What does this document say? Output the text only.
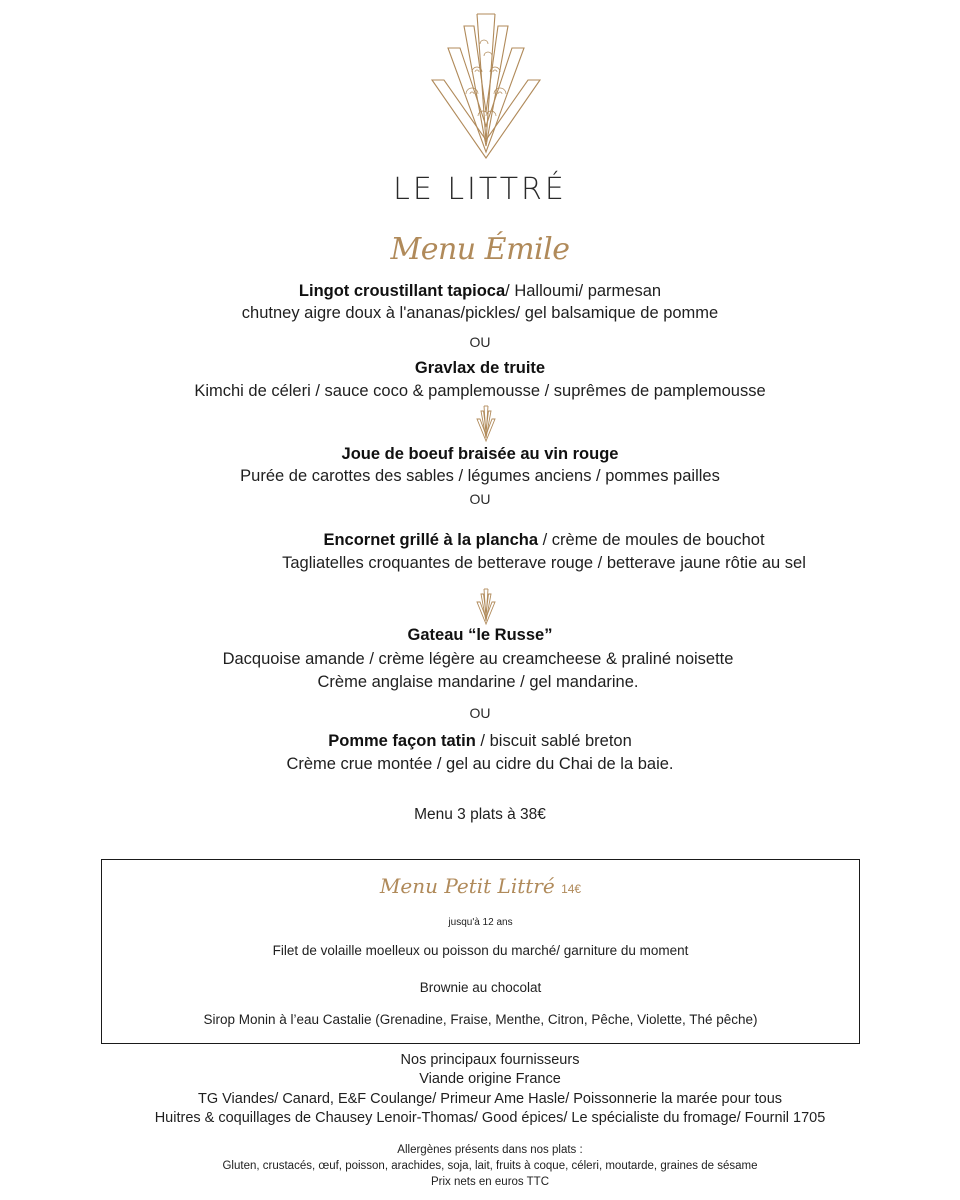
LE LITTRÉ
Menu Émile
Lingot croustillant tapioca/ Halloumi/ parmesan
chutney aigre doux à l'ananas/pickles/ gel balsamique de pomme
OU
Gravlax de truite
Kimchi de céleri / sauce coco & pamplemousse / suprêmes de pamplemousse
Joue de boeuf braisée au vin rouge
Purée de carottes des sables / légumes anciens / pommes pailles
OU
Encornet grillé à la plancha / crème de moules de bouchot
Tagliatelles croquantes de betterave rouge / betterave jaune rôtie au sel
Gateau “le Russe”
Dacquoise amande / crème légère au creamcheese & praliné noisette
Crème anglaise mandarine / gel mandarine.
OU
Pomme façon tatin / biscuit sablé breton
Crème crue montée / gel au cidre du Chai de la baie.
Menu 3 plats à 38€
Menu Petit Littré 14€
jusqu'à 12 ans
Filet de volaille moelleux ou poisson du marché/ garniture du moment
Brownie au chocolat
Sirop Monin à l’eau Castalie (Grenadine, Fraise, Menthe, Citron, Pêche, Violette, Thé pêche)
Nos principaux fournisseurs
Viande origine France
TG Viandes/ Canard, E&F Coulange/ Primeur Ame Hasle/ Poissonnerie la marée pour tous
Huitres & coquillages de Chausey Lenoir-Thomas/ Good épices/ Le spécialiste du fromage/ Fournil 1705
Allergènes présents dans nos plats :
Gluten, crustacés, œuf, poisson, arachides, soja, lait, fruits à coque, céleri, moutarde, graines de sésame
Prix nets en euros TTC
